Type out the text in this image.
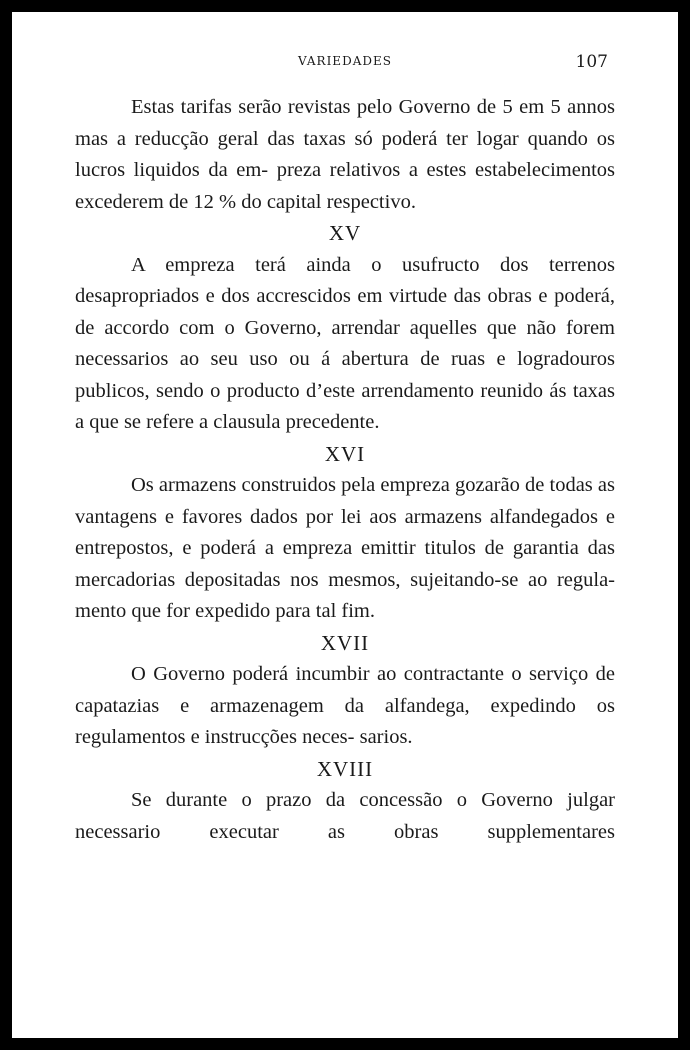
VARIEDADES	107

Estas tarifas serão revistas pelo Governo de 5 em 5 annos mas a reducção geral das taxas só poderá ter logar quando os lucros liquidos da em- preza relativos a estes estabelecimentos excederem de 12 % do capital respectivo.

XV

A empreza terá ainda o usufructo dos terrenos desapropriados e dos accrescidos em virtude das obras e poderá, de accordo com o Governo, arrendar aquelles que não forem necessarios ao seu uso ou á abertura de ruas e logradouros publicos, sendo o producto d’este arrendamento reunido ás taxas a que se refere a clausula precedente.

XVI

Os armazens construidos pela empreza gozarão de todas as vantagens e favores dados por lei aos armazens alfandegados e entrepostos, e poderá a empreza emittir titulos de garantia das mercadorias depositadas nos mesmos, sujeitando-se ao regula- mento que for expedido para tal fim.

XVII

O Governo poderá incumbir ao contractante o serviço de capatazias e armazenagem da alfandega, expedindo os regulamentos e instrucções neces- sarios.

XVIII

Se durante o prazo da concessão o Governo julgar necessario executar as obras supplementares
